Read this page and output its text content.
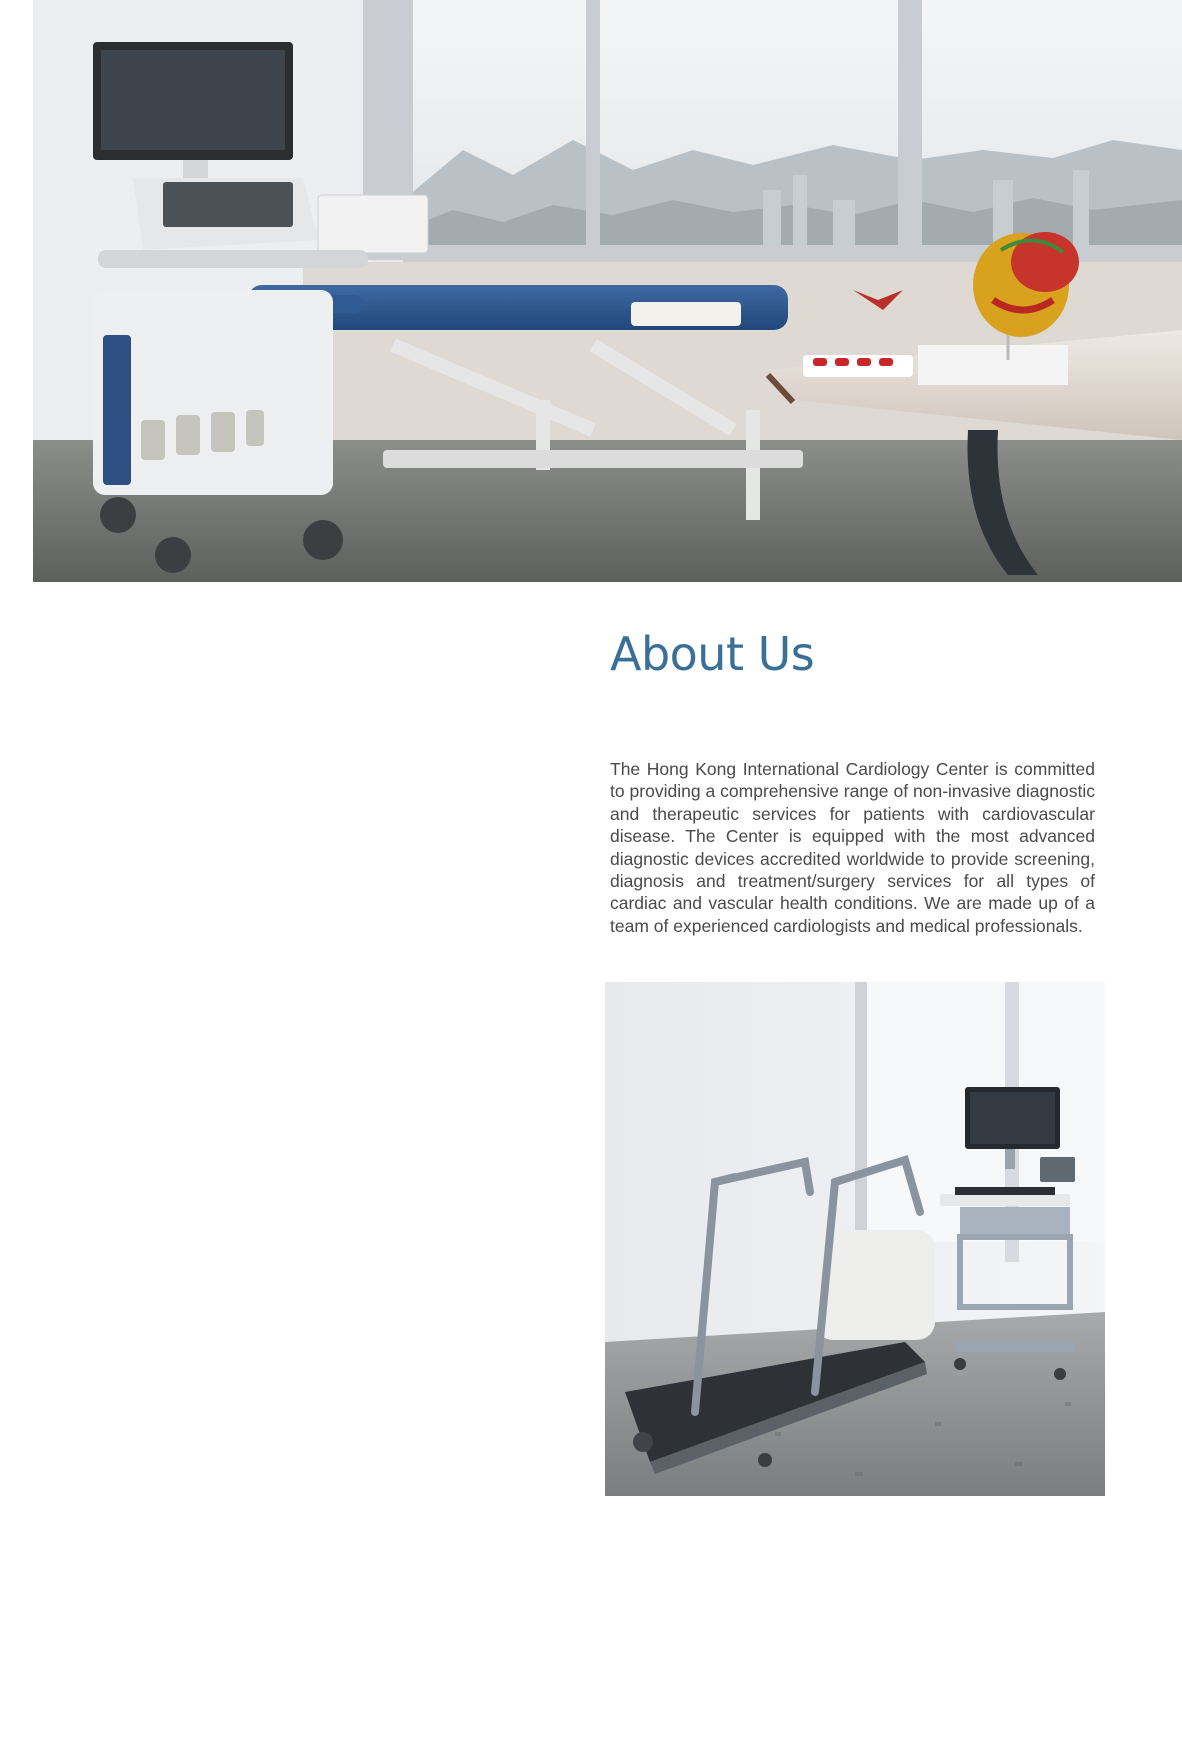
About Us

The Hong Kong International Cardiology Center is committed to providing a comprehensive range of non-invasive diagnostic and therapeutic services for patients with cardiovascular disease. The Center is equipped with the most advanced diagnostic devices accredited worldwide to provide screening, diagnosis and treatment/surgery services for all types of cardiac and vascular health conditions. We are made up of a team of experienced cardiologists and medical professionals.
